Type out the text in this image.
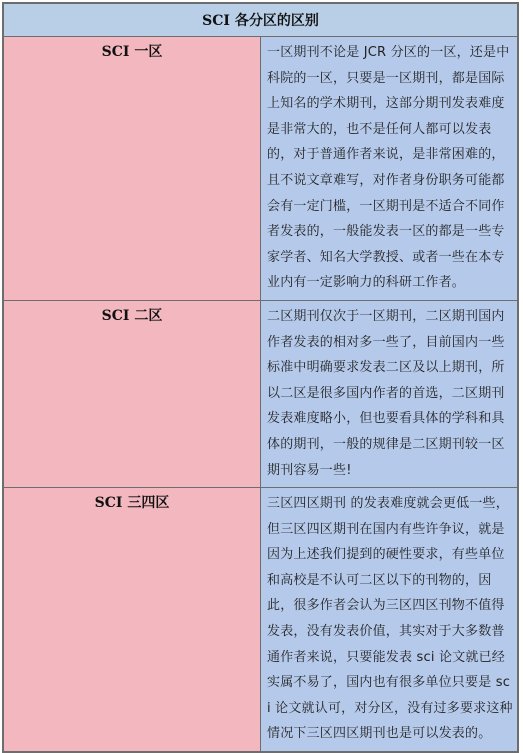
SCI 各分区的区别	
SCI 一区	一区期刊不论是 JCR 分区的一区，还是中科院的一区，只要是一区期刊，都是国际上知名的学术期刊，这部分期刊发表难度是非常大的，也不是任何人都可以发表的，对于普通作者来说，是非常困难的，且不说文章难写，对作者身份职务可能都会有一定门槛，一区期刊是不适合不同作者发表的，一般能发表一区的都是一些专家学者、知名大学教授、或者一些在本专业内有一定影响力的科研工作者。
SCI 二区	二区期刊仅次于一区期刊，二区期刊国内作者发表的相对多一些了，目前国内一些标准中明确要求发表二区及以上期刊，所以二区是很多国内作者的首选，二区期刊发表难度略小，但也要看具体的学科和具体的期刊，一般的规律是二区期刊较一区期刊容易一些!
SCI 三四区	三区四区期刊 的发表难度就会更低一些，但三区四区期刊在国内有些许争议，就是因为上述我们提到的硬性要求，有些单位和高校是不认可二区以下的刊物的，因此，很多作者会认为三区四区刊物不值得发表，没有发表价值，其实对于大多数普通作者来说，只要能发表 sci 论文就已经实属不易了，国内也有很多单位只要是 sci 论文就认可，对分区，没有过多要求这种情况下三区四区期刊也是可以发表的。
